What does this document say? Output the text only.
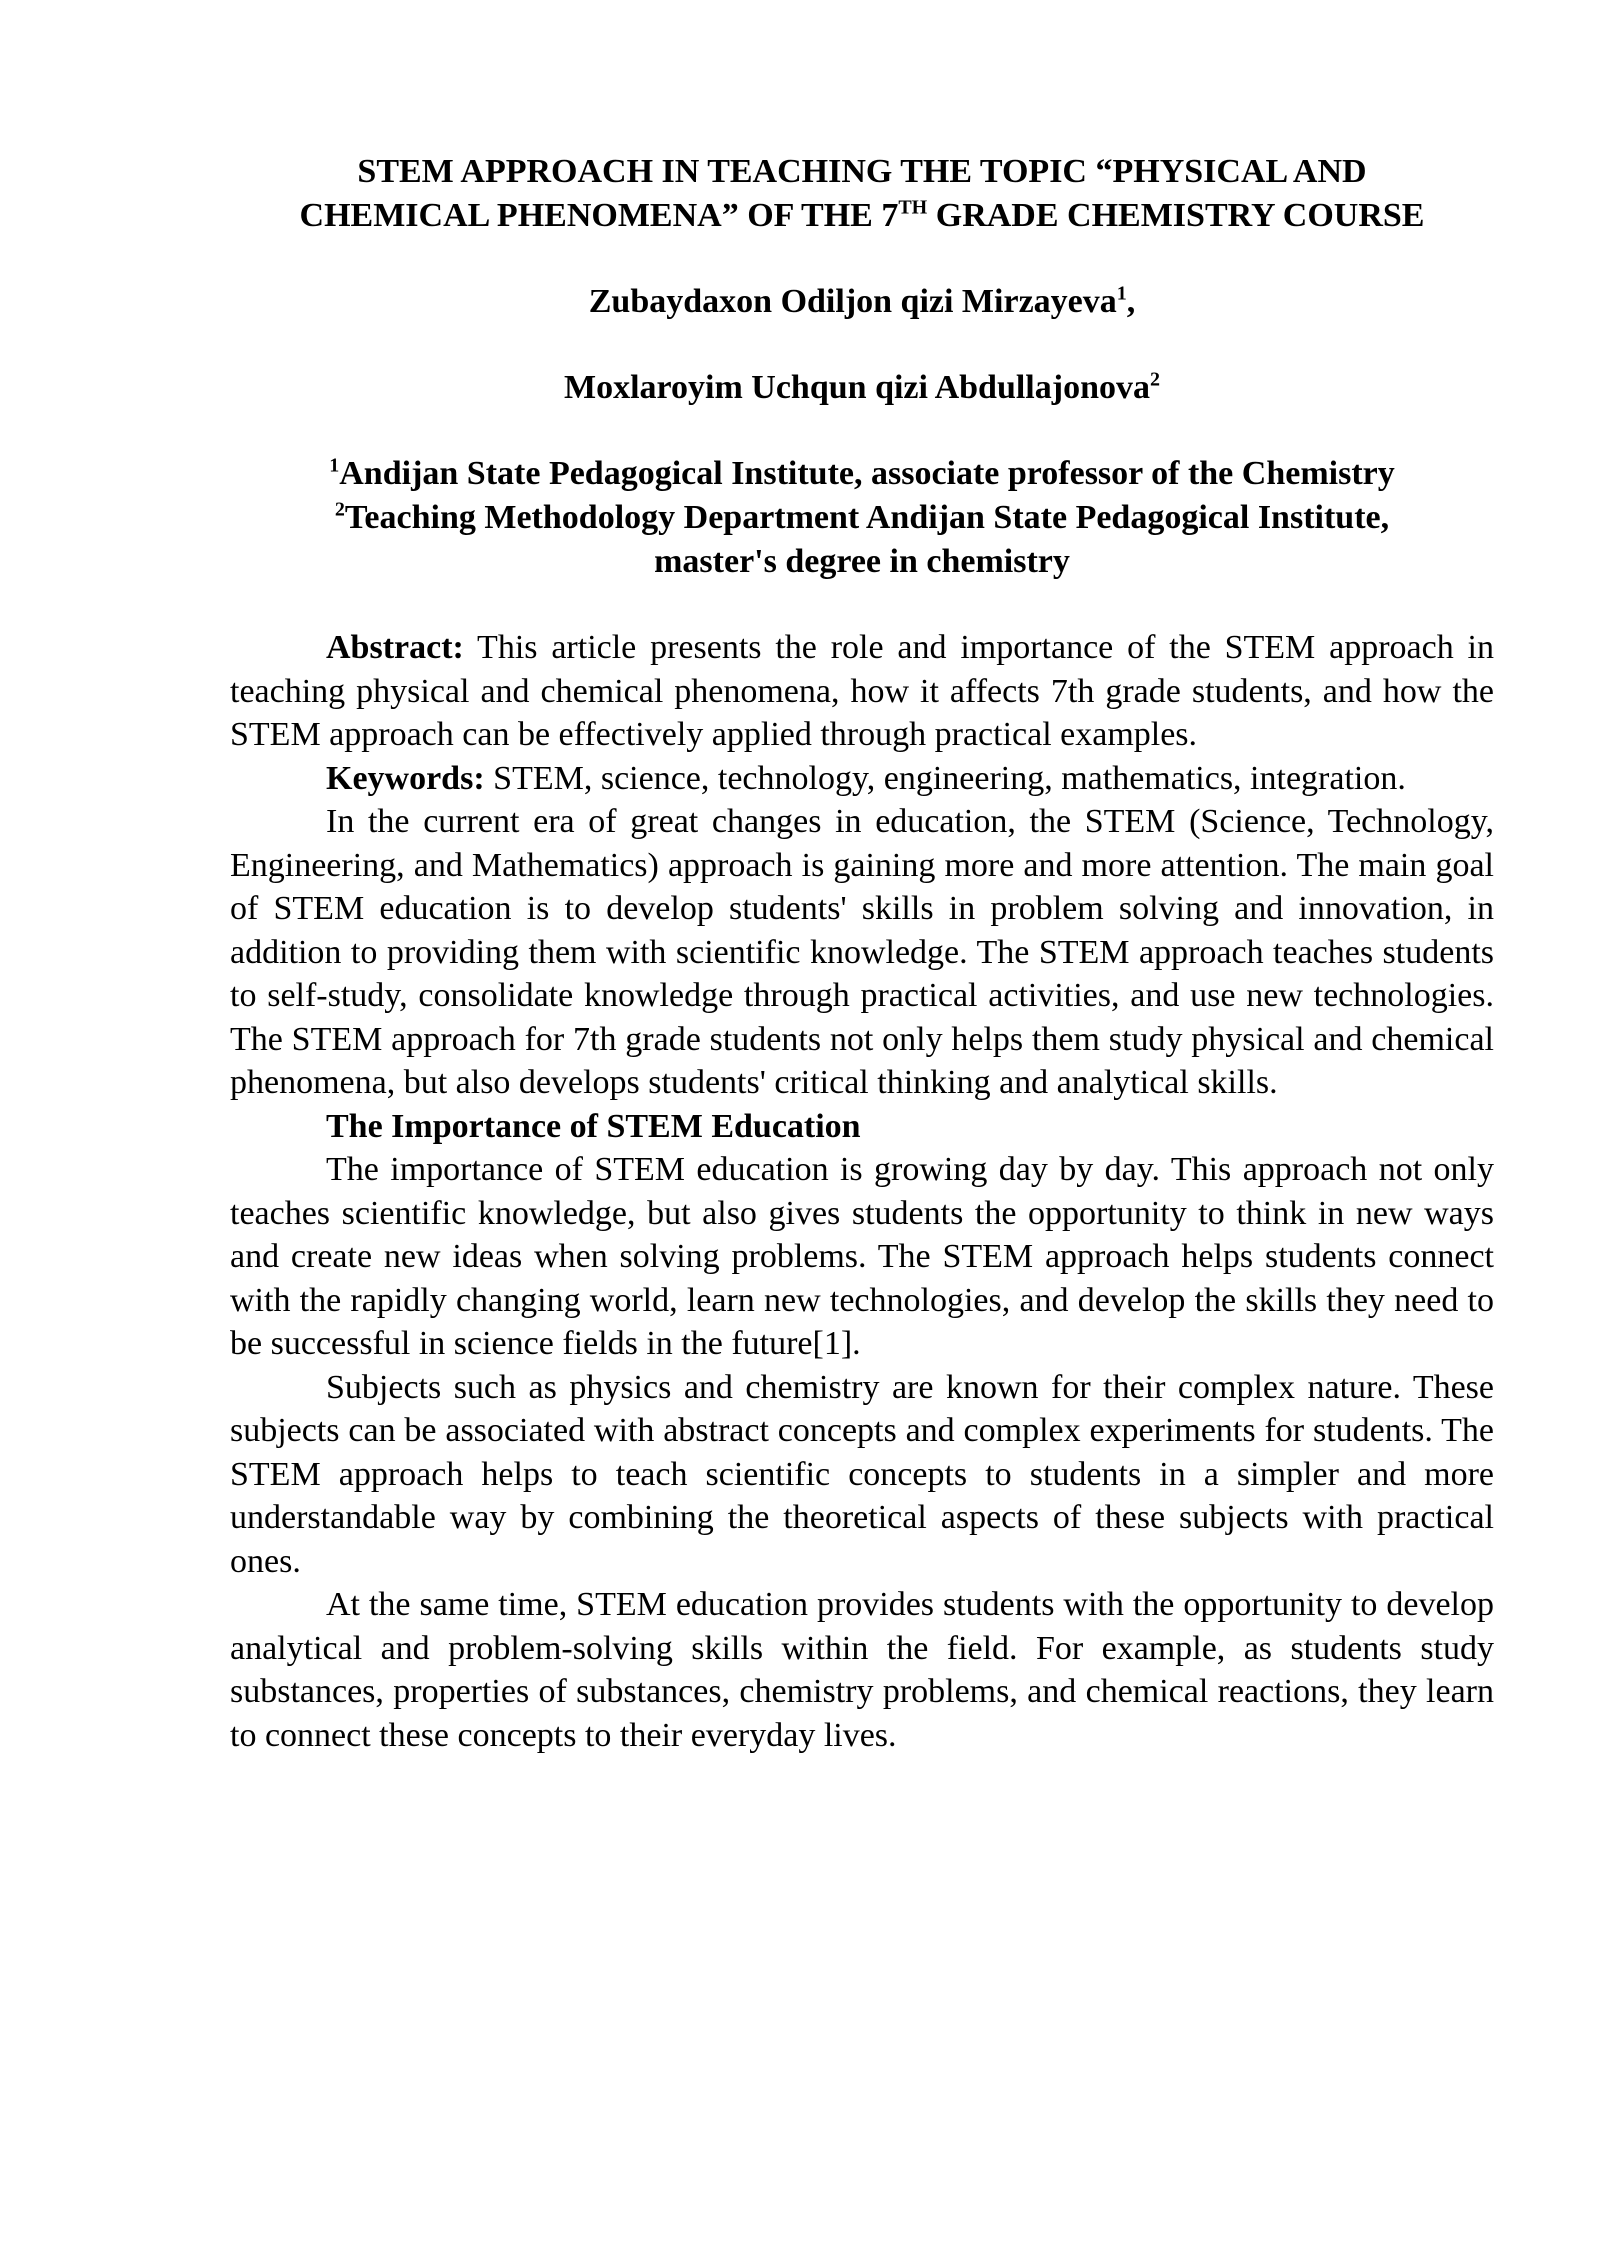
STEM APPROACH IN TEACHING THE TOPIC “PHYSICAL AND
CHEMICAL PHENOMENA” OF THE 7TH GRADE CHEMISTRY COURSE

Zubaydaxon Odiljon qizi Mirzayeva$^1$,

Moxlaroyim Uchqun qizi Abdullajonova$^2$

$^1$Andijan State Pedagogical Institute, associate professor of the Chemistry

$^2$Teaching Methodology Department Andijan State Pedagogical Institute,

master's degree in chemistry

Abstract: This article presents the role and importance of the STEM approach in teaching physical and chemical phenomena, how it affects 7th grade students, and how the STEM approach can be effectively applied through practical examples.

Keywords: STEM, science, technology, engineering, mathematics, integration.

In the current era of great changes in education, the STEM (Science, Technology, Engineering, and Mathematics) approach is gaining more and more attention. The main goal of STEM education is to develop students' skills in problem solving and innovation, in addition to providing them with scientific knowledge. The STEM approach teaches students to self-study, consolidate knowledge through practical activities, and use new technologies. The STEM approach for 7th grade students not only helps them study physical and chemical phenomena, but also develops students' critical thinking and analytical skills.

The Importance of STEM Education

The importance of STEM education is growing day by day. This approach not only teaches scientific knowledge, but also gives students the opportunity to think in new ways and create new ideas when solving problems. The STEM approach helps students connect with the rapidly changing world, learn new technologies, and develop the skills they need to be successful in science fields in the future[1].

Subjects such as physics and chemistry are known for their complex nature. These subjects can be associated with abstract concepts and complex experiments for students. The STEM approach helps to teach scientific concepts to students in a simpler and more understandable way by combining the theoretical aspects of these subjects with practical ones.

At the same time, STEM education provides students with the opportunity to develop analytical and problem-solving skills within the field. For example, as students study substances, properties of substances, chemistry problems, and chemical reactions, they learn to connect these concepts to their everyday lives.
